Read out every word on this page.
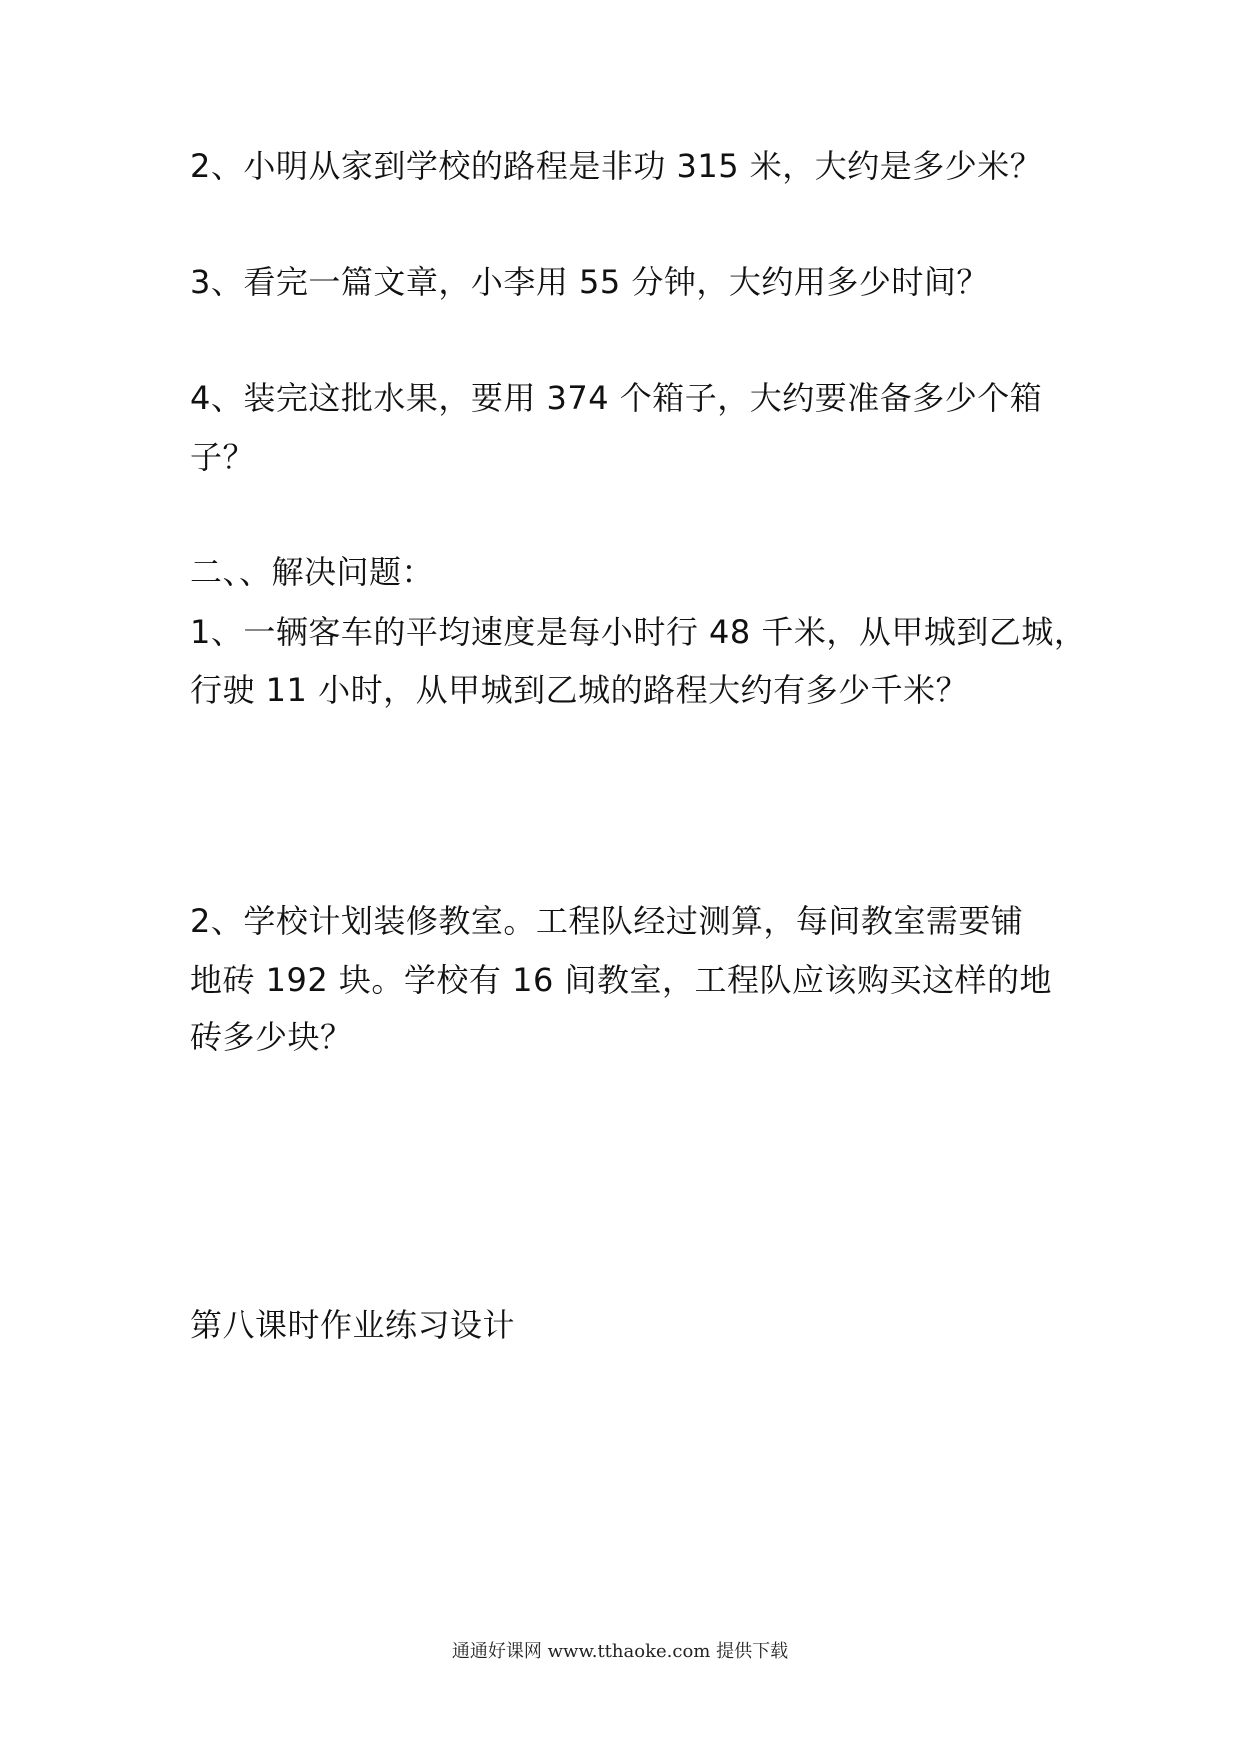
2、小明从家到学校的路程是非功 315 米，大约是多少米？
3、看完一篇文章，小李用 55 分钟，大约用多少时间？
4、装完这批水果，要用 374 个箱子，大约要准备多少个箱
子？
二、、解决问题：
1、一辆客车的平均速度是每小时行 48 千米，从甲城到乙城，
行驶 11 小时，从甲城到乙城的路程大约有多少千米？
2、学校计划装修教室。工程队经过测算，每间教室需要铺
地砖 192 块。学校有 16 间教室，工程队应该购买这样的地
砖多少块？
第八课时作业练习设计
通通好课网 www.tthaoke.com 提供下载
